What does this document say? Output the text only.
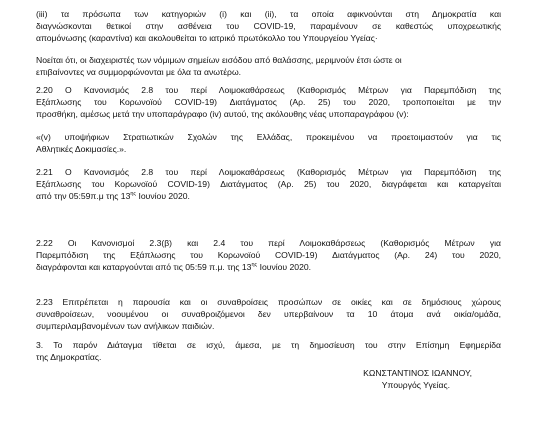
(iii) τα πρόσωπα των κατηγοριών (i) και (ii), τα οποία αφικνούνται στη Δημοκρατία και
διαγνώσκονται θετικοί στην ασθένεια του COVID-19, παραμένουν σε καθεστώς υποχρεωτικής
απομόνωσης (καραντίνα) και ακολουθείται το ιατρικό πρωτόκολλο του Υπουργείου Υγείας·
Νοείται ότι, οι διαχειριστές των νόμιμων σημείων εισόδου από θαλάσσης, μεριμνούν έτσι ώστε οι
επιβαίνοντες να συμμορφώνονται με όλα τα ανωτέρω.
2.20 Ο Κανονισμός 2.8 του περί Λοιμοκαθάρσεως (Καθορισμός Μέτρων για Παρεμπόδιση της
Εξάπλωσης του Κορωνοϊού COVID-19) Διατάγματος (Αρ. 25) του 2020, τροποποιείται με την
προσθήκη, αμέσως μετά την υποπαράγραφο (iv) αυτού, της ακόλουθης νέας υποπαραγράφου (v):
«(v) υποψήφιων Στρατιωτικών Σχολών της Ελλάδας, προκειμένου να προετοιμαστούν για τις
Αθλητικές Δοκιμασίες.».
2.21 Ο Κανονισμός 2.8 του περί Λοιμοκαθάρσεως (Καθορισμός Μέτρων για Παρεμπόδιση της
Εξάπλωσης του Κορωνοϊού COVID-19) Διατάγματος (Αρ. 25) του 2020, διαγράφεται και καταργείται
από την 05:59π.μ της $13^{\eta\varsigma}$ Ιουνίου 2020.
2.22 Οι Κανονισμοί 2.3(β) και 2.4 του περί Λοιμοκαθάρσεως (Καθορισμός Μέτρων για
Παρεμπόδιση της Εξάπλωσης του Κορωνοϊού COVID-19) Διατάγματος (Αρ. 24) του 2020,
διαγράφονται και καταργούνται από τις 05:59 π.μ. της $13^{\eta\varsigma}$ Ιουνίου 2020.
2.23 Επιτρέπεται η παρουσία και οι συναθροίσεις προσώπων σε οικίες και σε δημόσιους χώρους
συναθροίσεων, νοουμένου οι συναθροιζόμενοι δεν υπερβαίνουν τα 10 άτομα ανά οικία/ομάδα,
συμπεριλαμβανομένων των ανήλικων παιδιών.
3. Το παρόν Διάταγμα τίθεται σε ισχύ, άμεσα, με τη δημοσίευση του στην Επίσημη Εφημερίδα
της Δημοκρατίας.
ΚΩΝΣΤΑΝΤΙΝΟΣ ΙΩΑΝΝΟΥ,
Υπουργός Υγείας.
